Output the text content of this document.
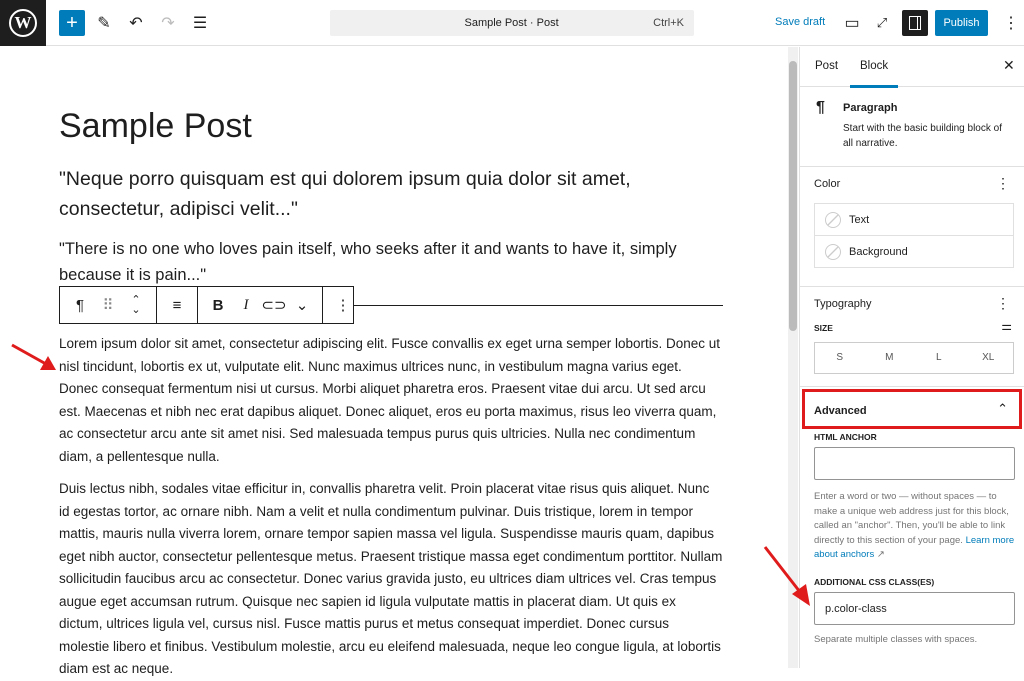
W	+	✎ ↶ ↷ ☰	Sample Post · Post	Ctrl+K	Save draft ▭	⤢	Publish	⋮
Sample Post

"Neque porro quisquam est qui dolorem ipsum quia dolor sit amet, consectetur, adipisci velit..."

"There is no one who loves pain itself, who seeks after it and wants to have it, simply because it is pain..."

¶	⠿	⌃
⌄	≡	B	I ⊂⊃ ⌄	⋮

Lorem ipsum dolor sit amet, consectetur adipiscing elit. Fusce convallis ex eget urna semper lobortis. Donec ut nisl tincidunt, lobortis ex ut, vulputate elit. Nunc maximus ultrices nunc, in vestibulum magna varius eget. Donec consequat fermentum nisi ut cursus. Morbi aliquet pharetra eros. Praesent vitae dui arcu. Ut sed arcu est. Maecenas et nibh nec erat dapibus aliquet. Donec aliquet, eros eu porta maximus, risus leo viverra quam, ac consectetur arcu ante sit amet nisi. Sed malesuada tempus purus quis ultricies. Nulla nec condimentum diam, a pellentesque nulla.

Duis lectus nibh, sodales vitae efficitur in, convallis pharetra velit. Proin placerat vitae risus quis aliquet. Nunc id egestas tortor, ac ornare nibh. Nam a velit et nulla condimentum pulvinar. Duis tristique, lorem in tempor mattis, mauris nulla viverra lorem, ornare tempor sapien massa vel ligula. Suspendisse mauris quam, dapibus eget nibh auctor, consectetur pellentesque metus. Praesent tristique massa eget condimentum porttitor. Nullam sollicitudin faucibus arcu ac consectetur. Donec varius gravida justo, eu ultrices diam ultrices vel. Cras tempus augue eget accumsan rutrum. Quisque nec sapien id ligula vulputate mattis in placerat diam. Ut quis ex dictum, ultrices ligula vel, cursus nisl. Fusce mattis purus et metus consequat imperdiet. Donec cursus molestie libero et finibus. Vestibulum molestie, arcu eu eleifend malesuada, neque leo congue ligula, at lobortis diam est ac neque.

Post Block	✕
¶ Paragraph
Start with the basic building block of all narrative.
Color	⋮
Text
Background
Typography	⋮
SIZE	⚌
S	M	L	XL
Advanced	⌃
HTML ANCHOR

Enter a word or two — without spaces — to make a unique web address just for this block, called an "anchor". Then, you'll be able to link directly to this section of your page. Learn more about anchors ↗

ADDITIONAL CSS CLASS(ES)
p.color-class

Separate multiple classes with spaces.
